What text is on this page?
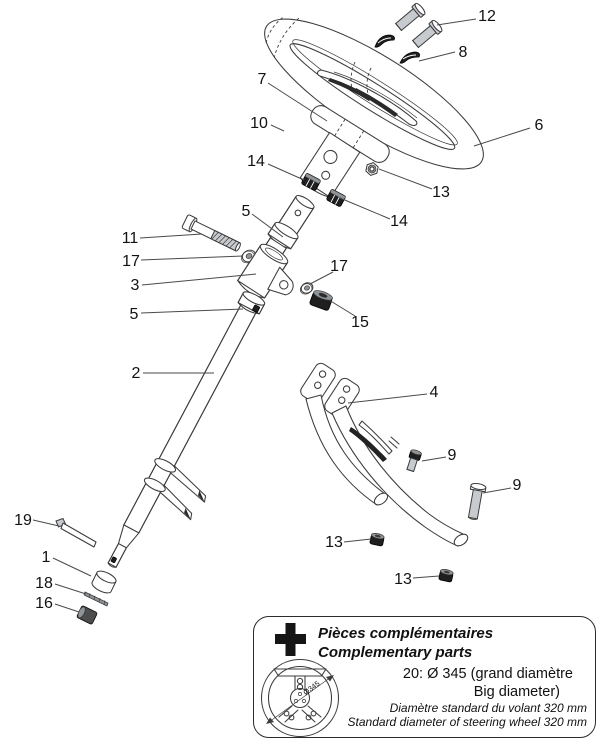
12
8
6
7
10
14
13
14
5
11
17
3
5
17
15
2
4
9
9
13
13
19
1
18
16
Pièces complémentaires
Complementary parts
Ø345
20: Ø 345 (grand diamètre
Big diameter)
Diamètre standard du volant 320 mm
Standard diameter of steering wheel 320 mm
